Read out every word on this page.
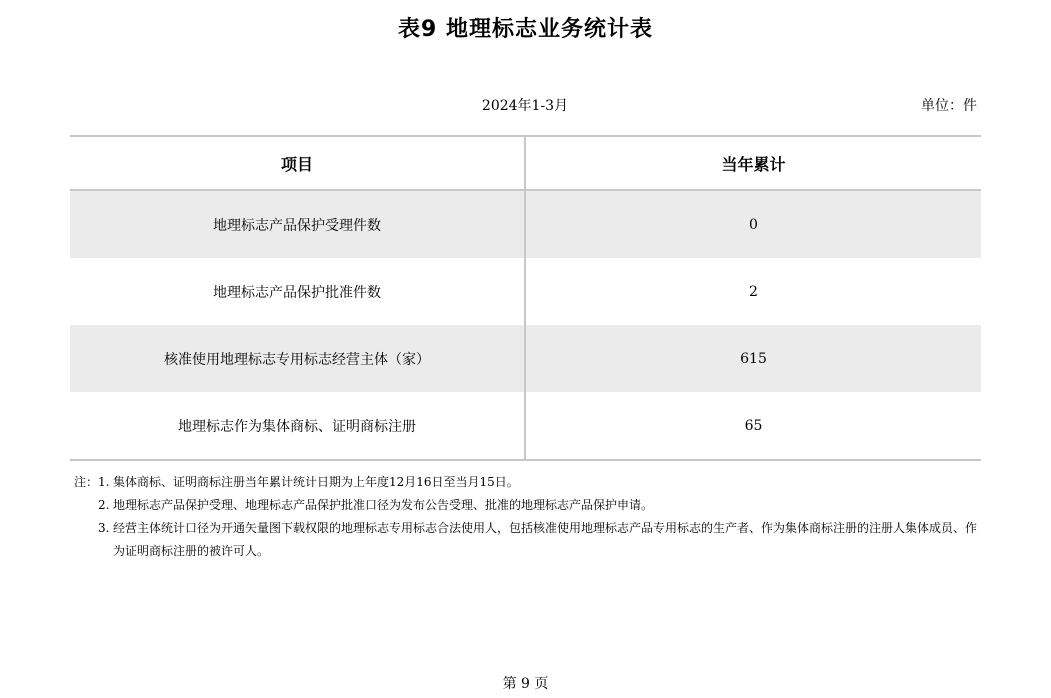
表9 地理标志业务统计表
2024年1-3月	单位：件
项目	当年累计
地理标志产品保护受理件数	0
地理标志产品保护批准件数	2
核准使用地理标志专用标志经营主体（家）	615
地理标志作为集体商标、证明商标注册	65
注： 1. 集体商标、证明商标注册当年累计统计日期为上年度12月16日至当月15日。
2. 地理标志产品保护受理、地理标志产品保护批准口径为发布公告受理、批准的地理标志产品保护申请。
3. 经营主体统计口径为开通矢量图下载权限的地理标志专用标志合法使用人，包括核准使用地理标志产品专用标志的生产者、作为集体商标注册的注册人集体成员、作为证明商标注册的被许可人。
第 9 页
